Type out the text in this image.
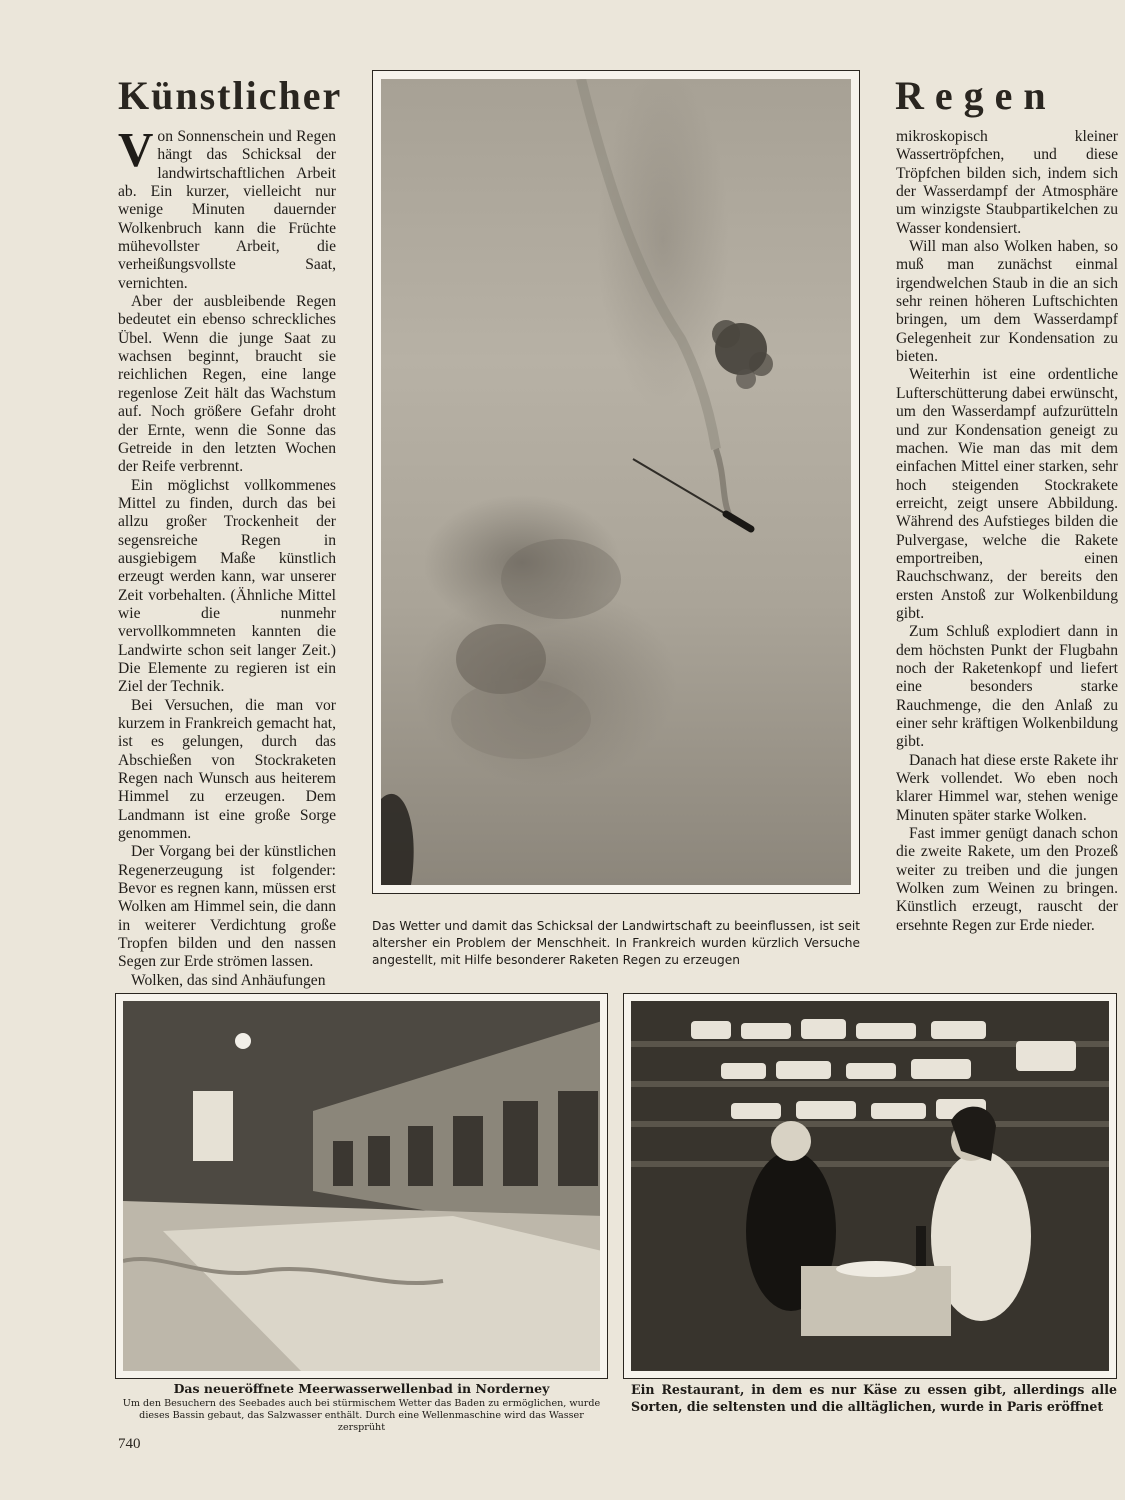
Künstlicher	Regen

Von Sonnenschein und Regen hängt das Schicksal der landwirtschaftlichen Arbeit ab. Ein kurzer, vielleicht nur wenige Minuten dauernder Wolkenbruch kann die Früchte mühevollster Arbeit, die verheißungsvollste Saat, vernichten.

Aber der ausbleibende Regen bedeutet ein ebenso schreckliches Übel. Wenn die junge Saat zu wachsen beginnt, braucht sie reichlichen Regen, eine lange regenlose Zeit hält das Wachstum auf. Noch größere Gefahr droht der Ernte, wenn die Sonne das Getreide in den letzten Wochen der Reife verbrennt.

Ein möglichst vollkommenes Mittel zu finden, durch das bei allzu großer Trockenheit der segensreiche Regen in ausgiebigem Maße künstlich erzeugt werden kann, war unserer Zeit vorbehalten. (Ähnliche Mittel wie die nunmehr vervollkommneten kannten die Landwirte schon seit langer Zeit.) Die Elemente zu regieren ist ein Ziel der Technik.

Bei Versuchen, die man vor kurzem in Frankreich gemacht hat, ist es gelungen, durch das Abschießen von Stockraketen Regen nach Wunsch aus heiterem Himmel zu erzeugen. Dem Landmann ist eine große Sorge genommen.

Der Vorgang bei der künstlichen Regenerzeugung ist folgender: Bevor es regnen kann, müssen erst Wolken am Himmel sein, die dann in weiterer Verdichtung große Tropfen bilden und den nassen Segen zur Erde strömen lassen.

Wolken, das sind Anhäufungen

mikroskopisch kleiner Wassertröpfchen, und diese Tröpfchen bilden sich, indem sich der Wasserdampf der Atmosphäre um winzigste Staubpartikelchen zu Wasser kondensiert.

Will man also Wolken haben, so muß man zunächst einmal irgendwelchen Staub in die an sich sehr reinen höheren Luftschichten bringen, um dem Wasserdampf Gelegenheit zur Kondensation zu bieten.

Weiterhin ist eine ordentliche Lufterschütterung dabei erwünscht, um den Wasserdampf aufzurütteln und zur Kondensation geneigt zu machen. Wie man das mit dem einfachen Mittel einer starken, sehr hoch steigenden Stockrakete erreicht, zeigt unsere Abbildung. Während des Aufstieges bilden die Pulvergase, welche die Rakete emportreiben, einen Rauchschwanz, der bereits den ersten Anstoß zur Wolkenbildung gibt.

Zum Schluß explodiert dann in dem höchsten Punkt der Flugbahn noch der Raketenkopf und liefert eine besonders starke Rauchmenge, die den Anlaß zu einer sehr kräftigen Wolkenbildung gibt.

Danach hat diese erste Rakete ihr Werk vollendet. Wo eben noch klarer Himmel war, stehen wenige Minuten später starke Wolken.

Fast immer genügt danach schon die zweite Rakete, um den Prozeß weiter zu treiben und die jungen Wolken zum Weinen zu bringen. Künstlich erzeugt, rauscht der ersehnte Regen zur Erde nieder.

Das Wetter und damit das Schicksal der Landwirtschaft zu beeinflussen, ist seit altersher ein Problem der Menschheit. In Frankreich wurden kürzlich Versuche angestellt, mit Hilfe besonderer Raketen Regen zu erzeugen
Das neueröffnete Meerwasserwellenbad in Norderney
Um den Besuchern des Seebades auch bei stürmischem Wetter das Baden zu ermöglichen, wurde dieses Bassin gebaut, das Salzwasser enthält. Durch eine Wellenmaschine wird das Wasser zersprüht
Ein Restaurant, in dem es nur Käse zu essen gibt, allerdings alle Sorten, die seltensten und die alltäglichen, wurde in Paris eröffnet
740
